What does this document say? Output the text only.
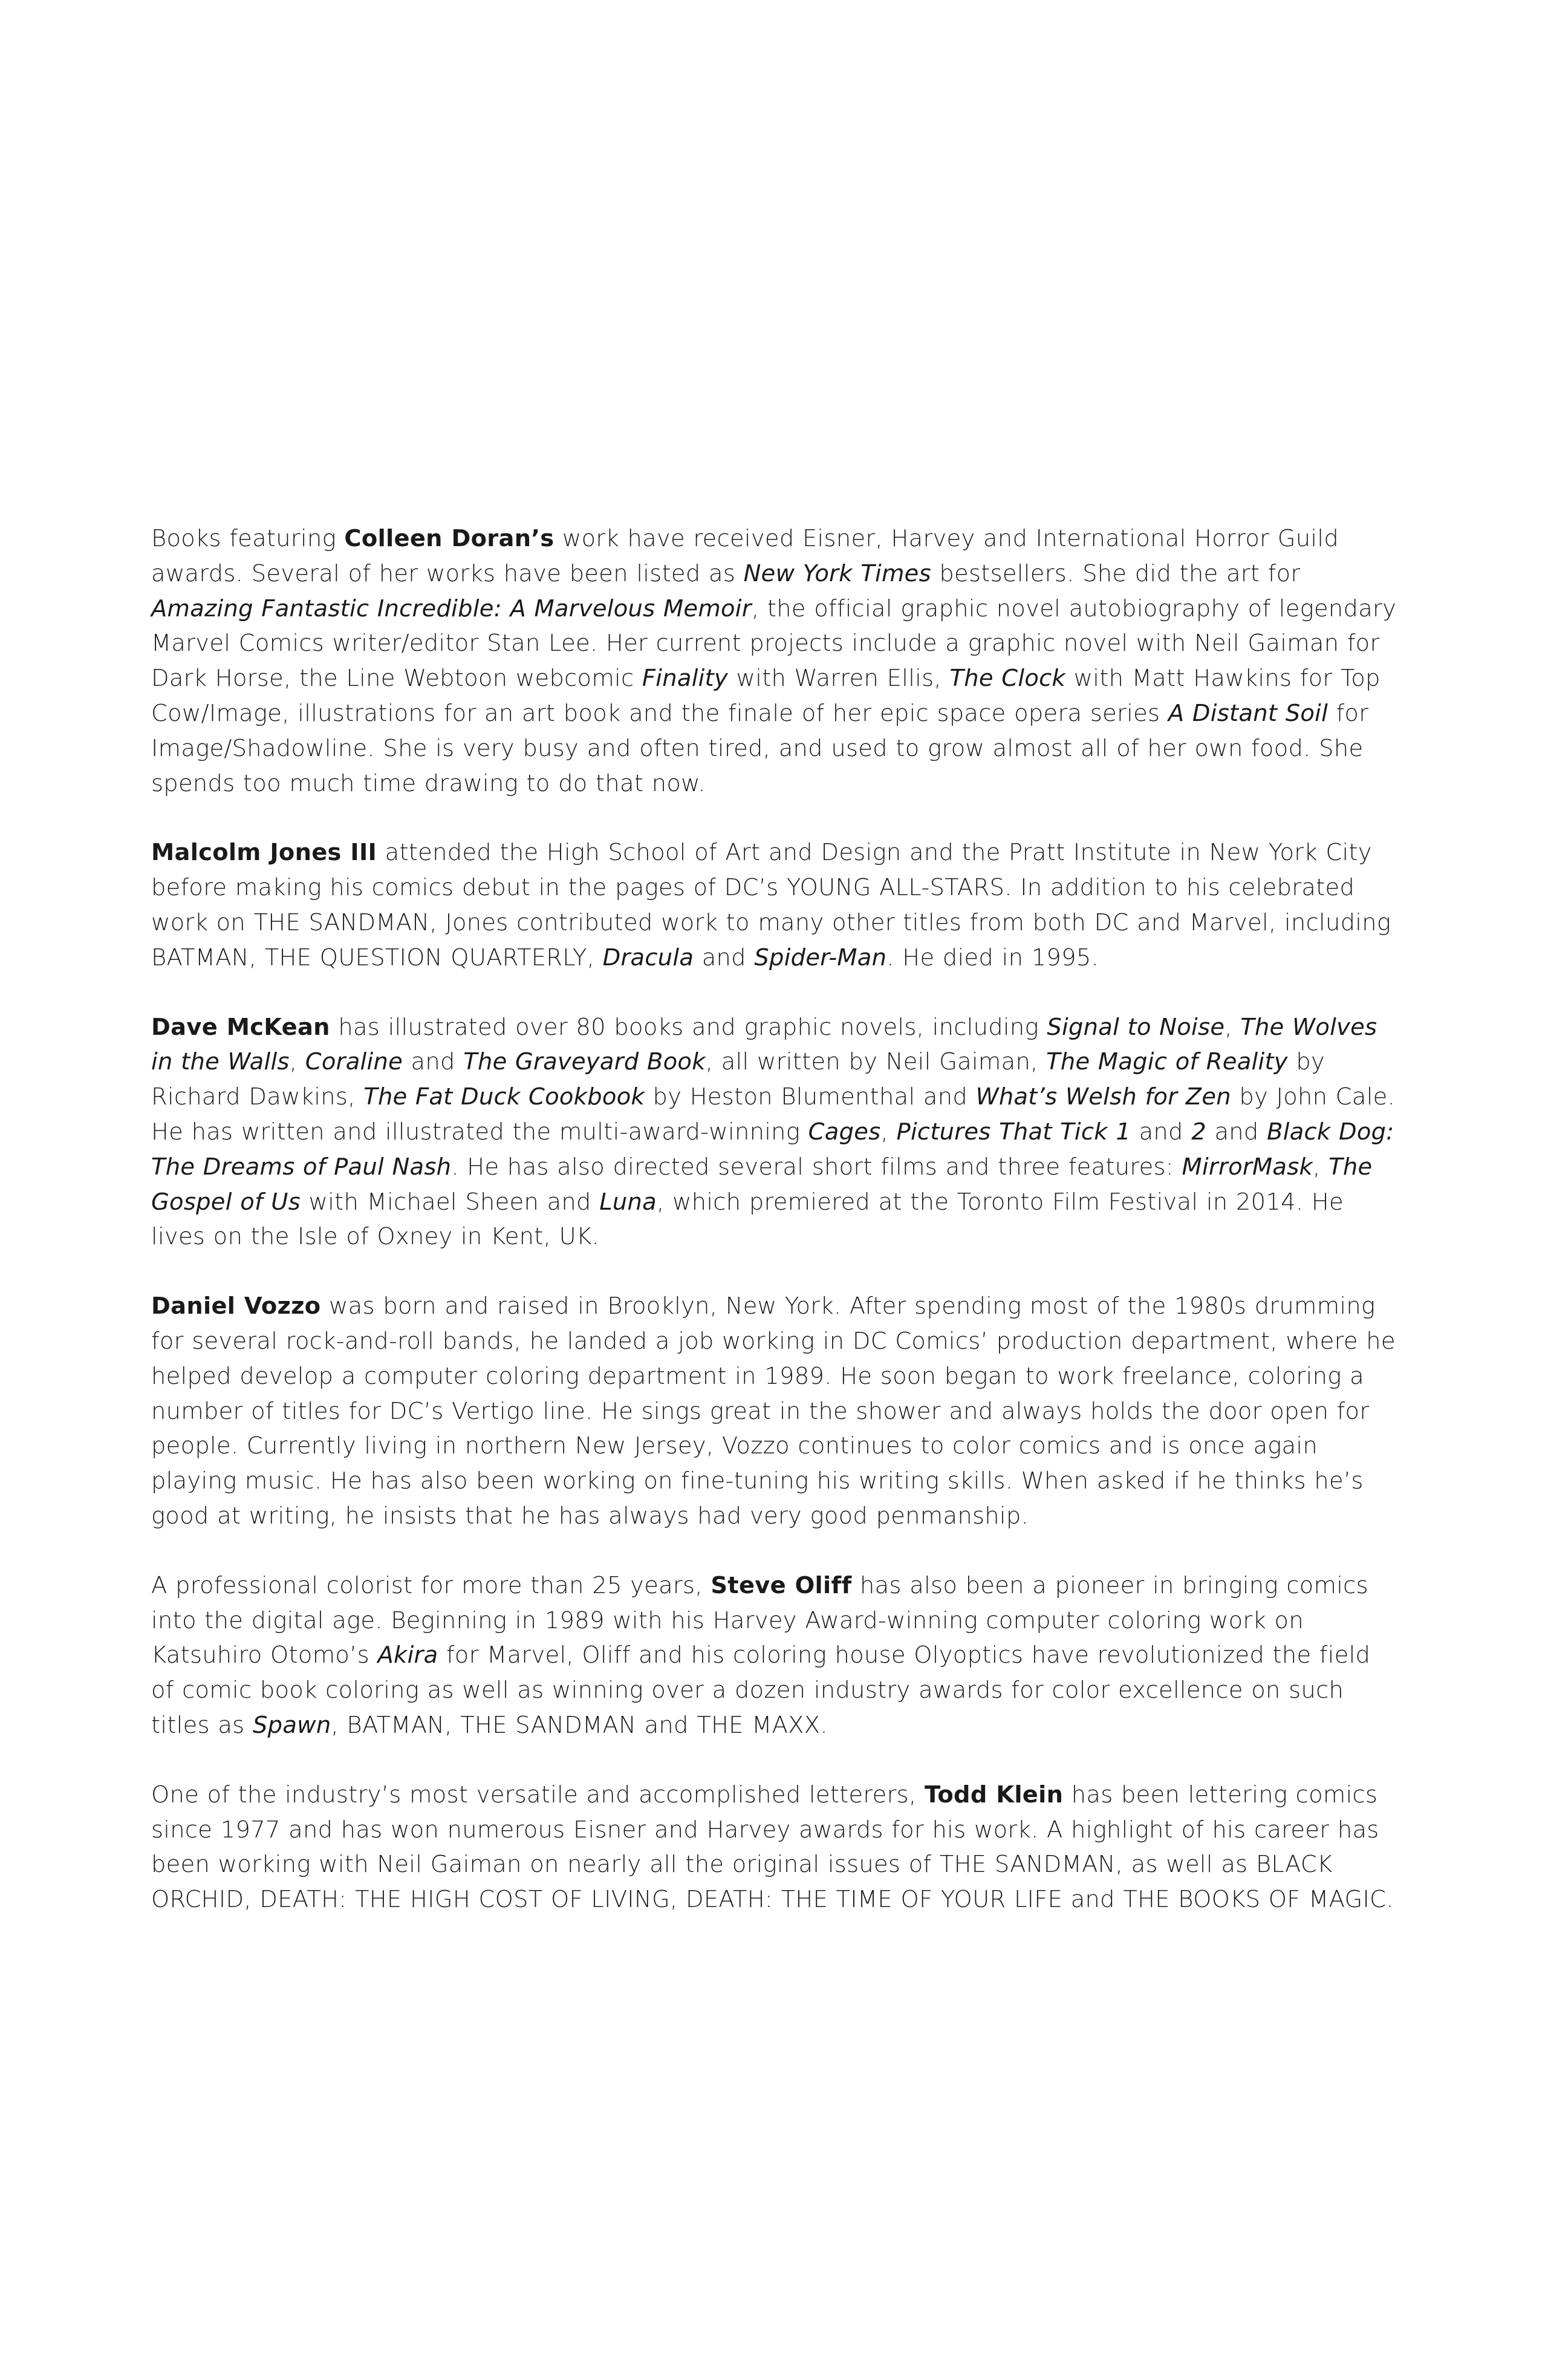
Books featuring Colleen Doran’s work have received Eisner, Harvey and International Horror Guild awards. Several of her works have been listed as New York Times bestsellers. She did the art for Amazing Fantastic Incredible: A Marvelous Memoir, the official graphic novel autobiography of legendary Marvel Comics writer/editor Stan Lee. Her current projects include a graphic novel with Neil Gaiman for Dark Horse, the Line Webtoon webcomic Finality with Warren Ellis, The Clock with Matt Hawkins for Top Cow/Image, illustrations for an art book and the finale of her epic space opera series A Distant Soil for Image/Shadowline. She is very busy and often tired, and used to grow almost all of her own food. She spends too much time drawing to do that now.

Malcolm Jones III attended the High School of Art and Design and the Pratt Institute in New York City before making his comics debut in the pages of DC’s YOUNG ALL-STARS. In addition to his celebrated work on THE SANDMAN, Jones contributed work to many other titles from both DC and Marvel, including BATMAN, THE QUESTION QUARTERLY, Dracula and Spider-Man. He died in 1995.

Dave McKean has illustrated over 80 books and graphic novels, including Signal to Noise, The Wolves in the Walls, Coraline and The Graveyard Book, all written by Neil Gaiman, The Magic of Reality by Richard Dawkins, The Fat Duck Cookbook by Heston Blumenthal and What’s Welsh for Zen by John Cale. He has written and illustrated the multi-award-winning Cages, Pictures That Tick 1 and 2 and Black Dog: The Dreams of Paul Nash. He has also directed several short films and three features: MirrorMask, The Gospel of Us with Michael Sheen and Luna, which premiered at the Toronto Film Festival in 2014. He lives on the Isle of Oxney in Kent, UK.

Daniel Vozzo was born and raised in Brooklyn, New York. After spending most of the 1980s drumming for several rock-and-roll bands, he landed a job working in DC Comics’ production department, where he helped develop a computer coloring department in 1989. He soon began to work freelance, coloring a number of titles for DC’s Vertigo line. He sings great in the shower and always holds the door open for people. Currently living in northern New Jersey, Vozzo continues to color comics and is once again playing music. He has also been working on fine-tuning his writing skills. When asked if he thinks he’s good at writing, he insists that he has always had very good penmanship.

A professional colorist for more than 25 years, Steve Oliff has also been a pioneer in bringing comics into the digital age. Beginning in 1989 with his Harvey Award-winning computer coloring work on Katsuhiro Otomo’s Akira for Marvel, Oliff and his coloring house Olyoptics have revolutionized the field of comic book coloring as well as winning over a dozen industry awards for color excellence on such titles as Spawn, BATMAN, THE SANDMAN and THE MAXX.

One of the industry’s most versatile and accomplished letterers, Todd Klein has been lettering comics since 1977 and has won numerous Eisner and Harvey awards for his work. A highlight of his career has been working with Neil Gaiman on nearly all the original issues of THE SANDMAN, as well as BLACK ORCHID, DEATH: THE HIGH COST OF LIVING, DEATH: THE TIME OF YOUR LIFE and THE BOOKS OF MAGIC.
